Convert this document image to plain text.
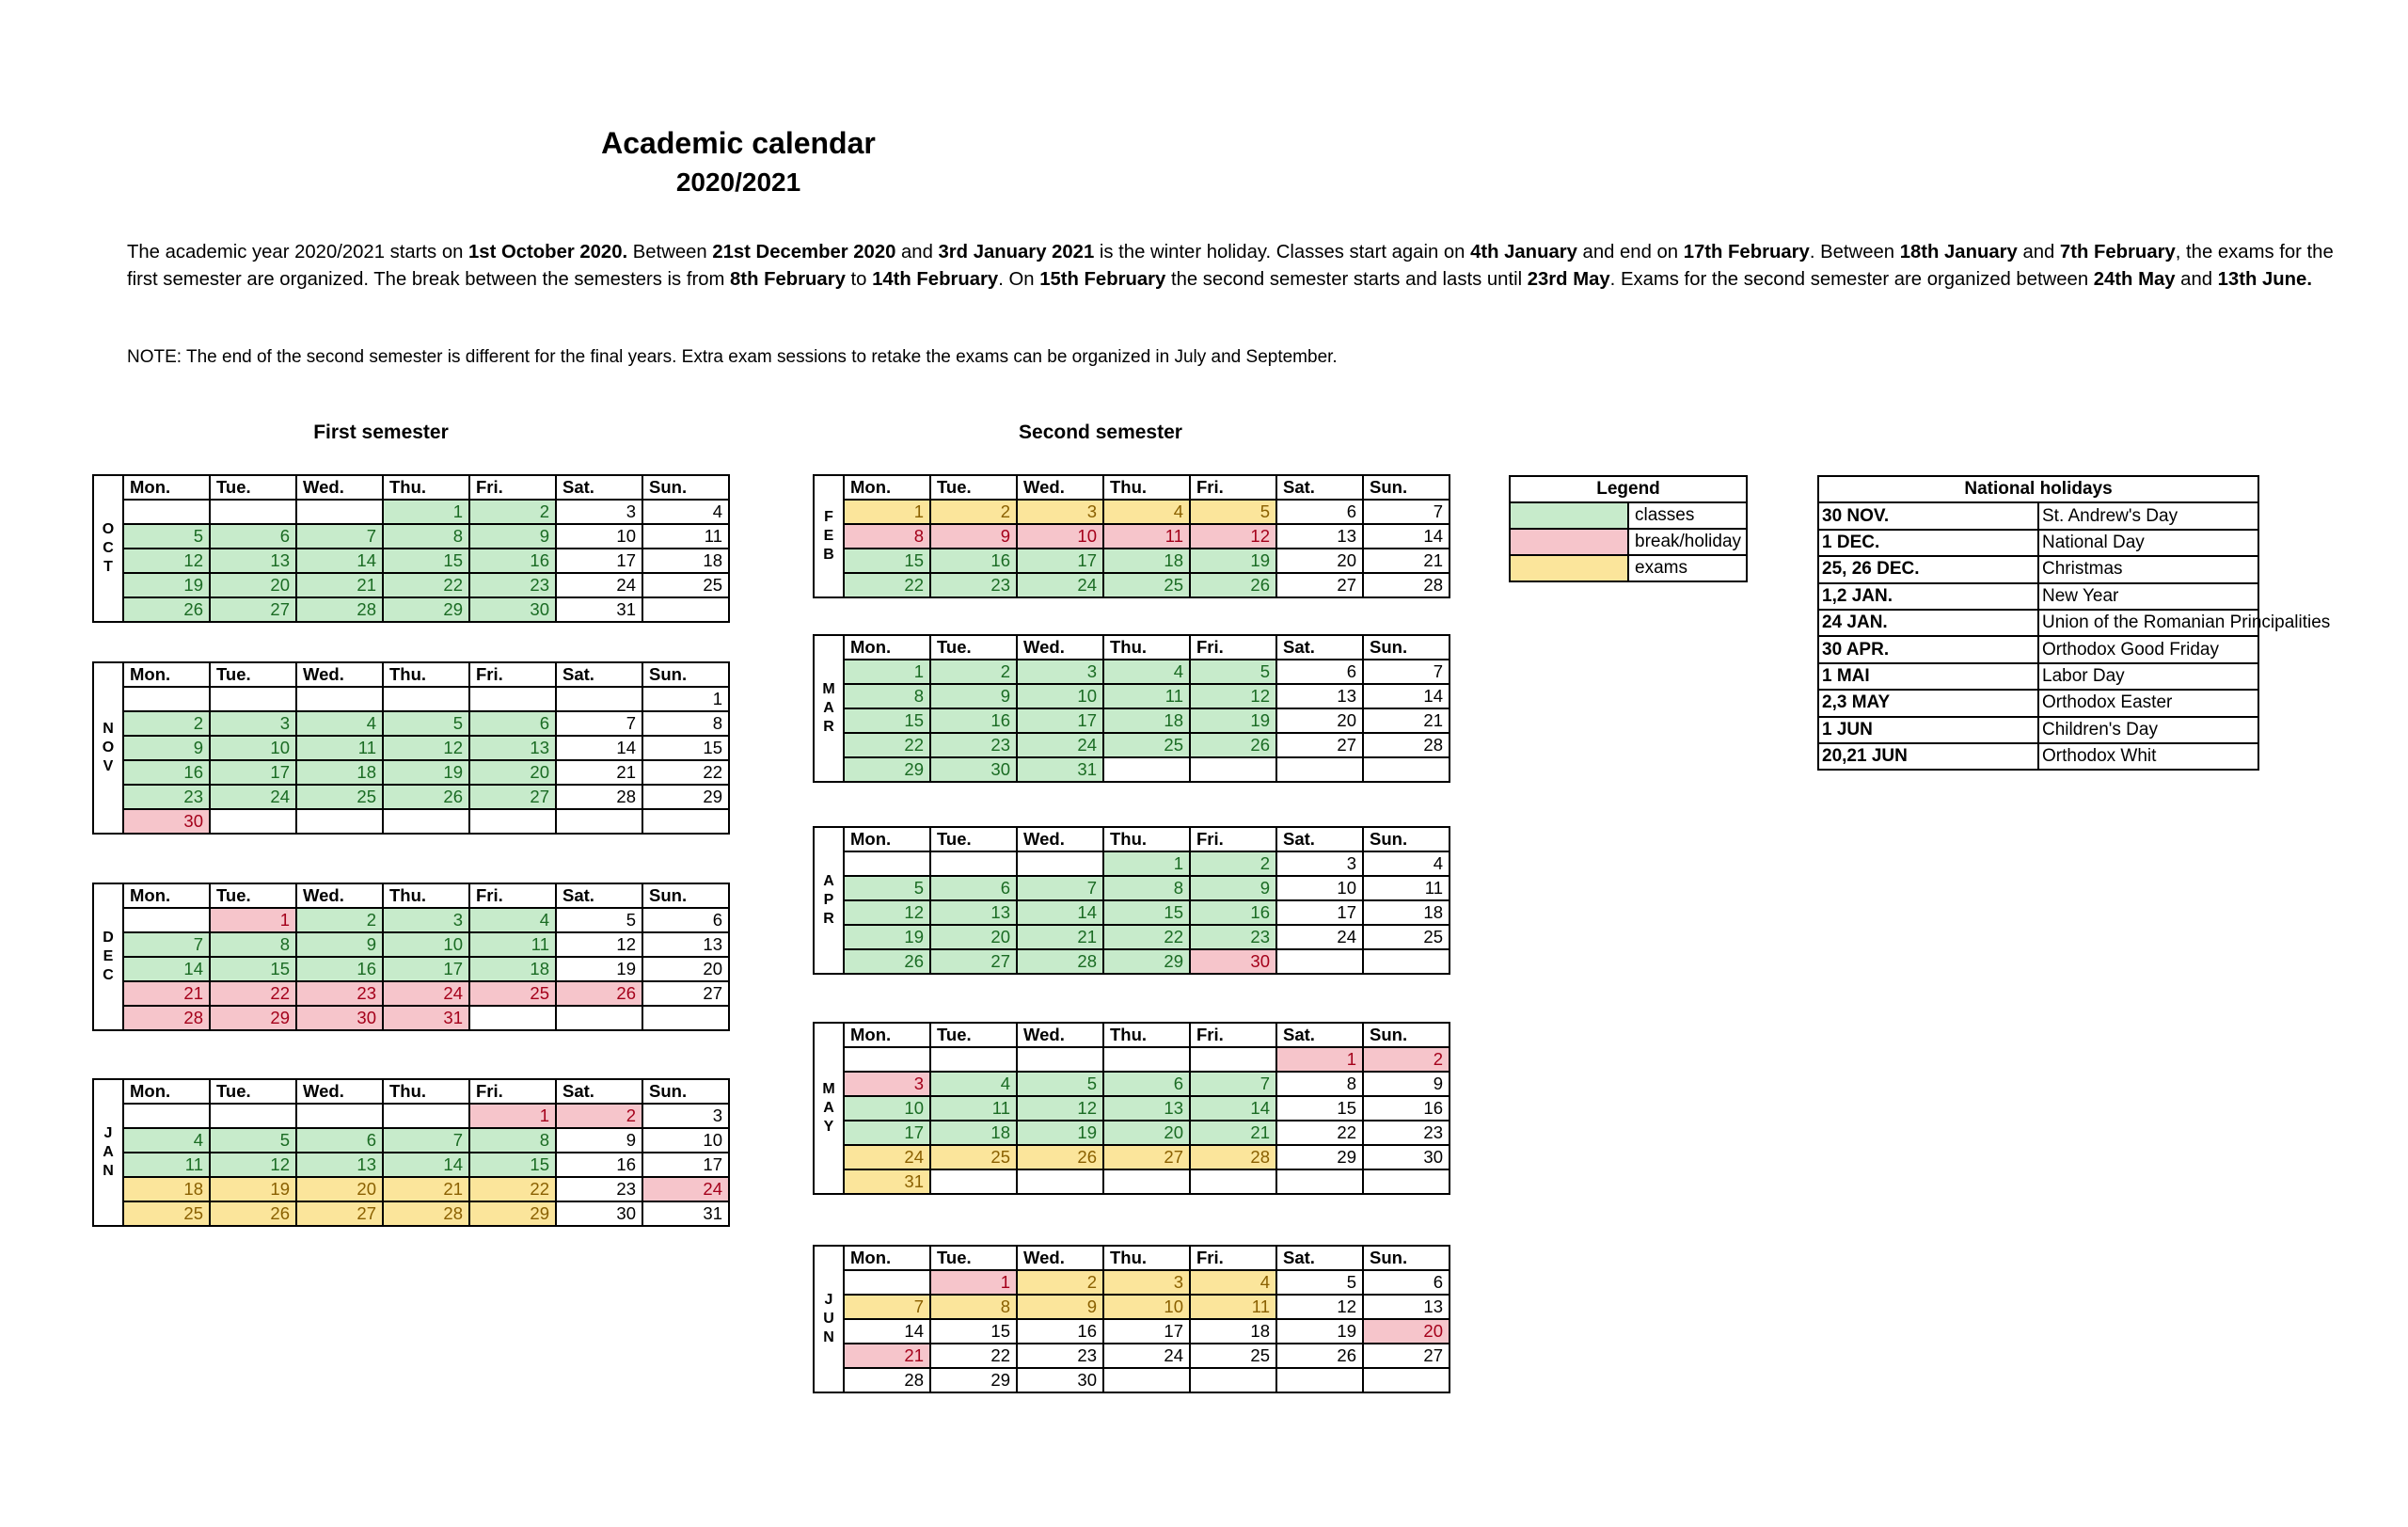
Academic calendar
2020/2021
The academic year 2020/2021 starts on 1st October 2020. Between 21st December 2020 and 3rd January 2021 is the winter holiday. Classes start again on 4th January and end on 17th February. Between 18th January and 7th February, the exams for the first semester are organized. The break between the semesters is from 8th February to 14th February. On 15th February the second semester starts and lasts until 23rd May. Exams for the second semester are organized between 24th May and 13th June.
NOTE: The end of the second semester is different for the final years. Extra exam sessions to retake the exams can be organized in July and September.
First semester	Second semester
O
C
T	Mon.	Tue.	Wed.	Thu.	Fri.	Sat.	Sun.
				1	2	3	4
	5	6	7	8	9	10	11
	12	13	14	15	16	17	18
	19	20	21	22	23	24	25
	26	27	28	29	30	31	
N
O
V	Mon.	Tue.	Wed.	Thu.	Fri.	Sat.	Sun.
							1
	2	3	4	5	6	7	8
	9	10	11	12	13	14	15
	16	17	18	19	20	21	22
	23	24	25	26	27	28	29
	30						
D
E
C	Mon.	Tue.	Wed.	Thu.	Fri.	Sat.	Sun.
		1	2	3	4	5	6
	7	8	9	10	11	12	13
	14	15	16	17	18	19	20
	21	22	23	24	25	26	27
	28	29	30	31			
J
A
N	Mon.	Tue.	Wed.	Thu.	Fri.	Sat.	Sun.
					1	2	3
	4	5	6	7	8	9	10
	11	12	13	14	15	16	17
	18	19	20	21	22	23	24
	25	26	27	28	29	30	31
F
E
B	Mon.	Tue.	Wed.	Thu.	Fri.	Sat.	Sun.
	1	2	3	4	5	6	7
	8	9	10	11	12	13	14
	15	16	17	18	19	20	21
	22	23	24	25	26	27	28
M
A
R	Mon.	Tue.	Wed.	Thu.	Fri.	Sat.	Sun.
	1	2	3	4	5	6	7
	8	9	10	11	12	13	14
	15	16	17	18	19	20	21
	22	23	24	25	26	27	28
	29	30	31				
A
P
R	Mon.	Tue.	Wed.	Thu.	Fri.	Sat.	Sun.
				1	2	3	4
	5	6	7	8	9	10	11
	12	13	14	15	16	17	18
	19	20	21	22	23	24	25
	26	27	28	29	30		
M
A
Y	Mon.	Tue.	Wed.	Thu.	Fri.	Sat.	Sun.
						1	2
	3	4	5	6	7	8	9
	10	11	12	13	14	15	16
	17	18	19	20	21	22	23
	24	25	26	27	28	29	30
	31						
J
U
N	Mon.	Tue.	Wed.	Thu.	Fri.	Sat.	Sun.
		1	2	3	4	5	6
	7	8	9	10	11	12	13
	14	15	16	17	18	19	20
	21	22	23	24	25	26	27
	28	29	30				
Legend	
	classes
	break/holiday
	exams
National holidays	
30 NOV.	St. Andrew's Day
1 DEC.	National Day
25, 26 DEC.	Christmas
1,2 JAN.	New Year
24 JAN.	Union of the Romanian Principalities
30 APR.	Orthodox Good Friday
1 MAI	Labor Day
2,3 MAY	Orthodox Easter
1 JUN	Children's Day
20,21 JUN	Orthodox Whit
